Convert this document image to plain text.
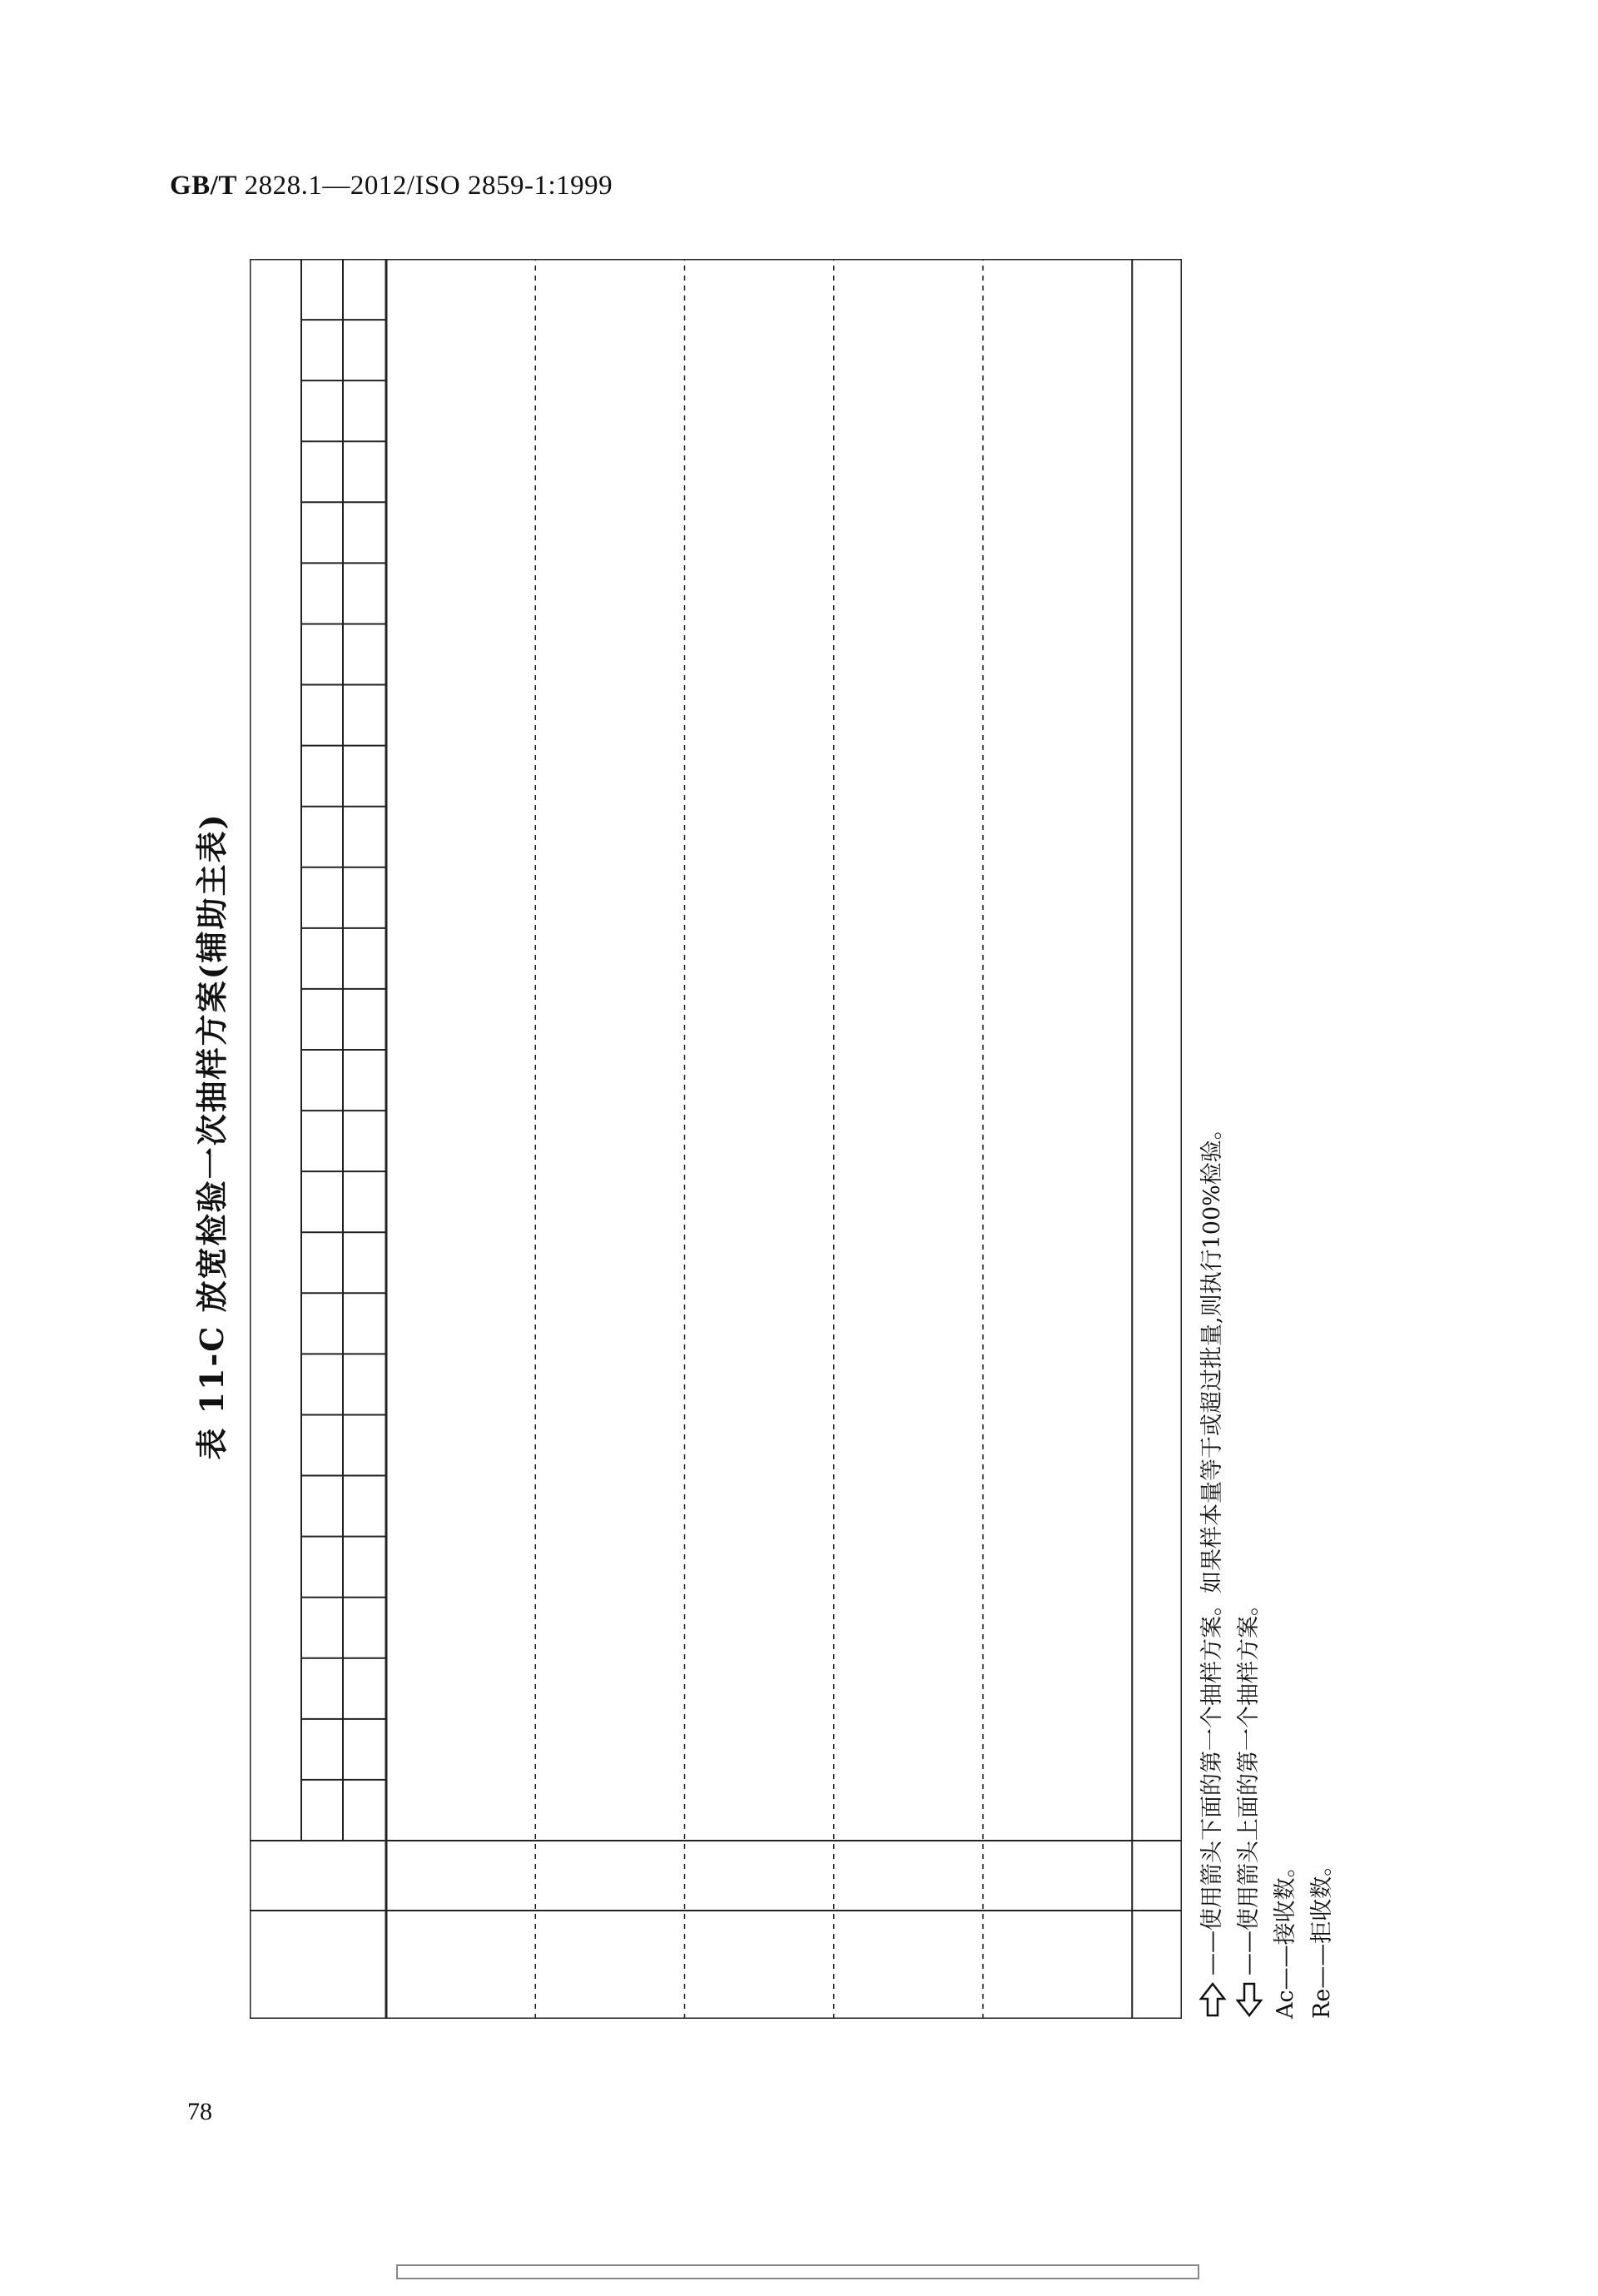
GB/T 2828.1—2012/ISO 2859-1:1999
表 11-C 放宽检验一次抽样方案(辅助主表)	——使用箭头下面的第一个抽样方案。如果样本量等于或超过批量,则执行100%检验。 ——使用箭头上面的第一个抽样方案。 Ac——接收数。 Re——拒收数。
78
